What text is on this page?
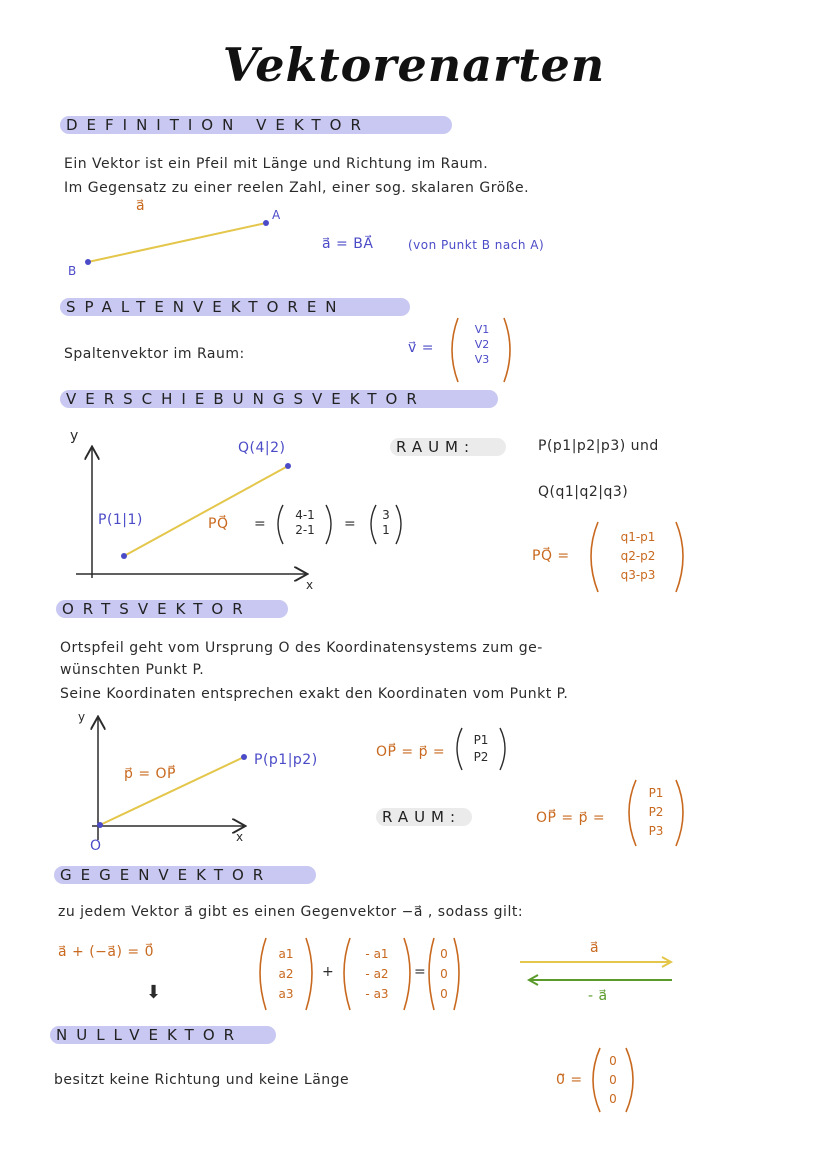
Vektorenarten
DEFINITION VEKTOR
Ein Vektor ist ein Pfeil mit Länge und Richtung im Raum.
Im Gegensatz zu einer reelen Zahl, einer sog. skalaren Größe.
a⃗
A
B
a⃗ = BA⃗	(von Punkt B nach A)
SPALTENVEKTOREN
Spaltenvektor im Raum:	v⃗ =
V1
V2
V3
VERSCHIEBUNGSVEKTOR
y
x
Q(4|2)
P(1|1)	PQ⃗ =
4-1
2-1	=
3
1
RAUM:	P(p1|p2|p3) und
Q(q1|q2|q3)
PQ⃗ =
q1-p1
q2-p2
q3-p3
ORTSVEKTOR
Ortspfeil geht vom Ursprung O des Koordinatensystems zum ge-
wünschten Punkt P.
Seine Koordinaten entsprechen exakt den Koordinaten vom Punkt P.
y
x
O
p⃗ = OP⃗
P(p1|p2)	OP⃗ = p⃗ =
P1
P2
RAUM:	OP⃗ = p⃗ =
P1
P2
P3
GEGENVEKTOR
zu jedem Vektor a⃗ gibt es einen Gegenvektor −a⃗ , sodass gilt:
a⃗ + (−a⃗) = 0⃗
⬇
a1
a2
a3
+
- a1
- a2
- a3
=
0
0
0
a⃗
- a⃗
NULLVEKTOR
besitzt keine Richtung und keine Länge	0⃗ =
0
0
0
